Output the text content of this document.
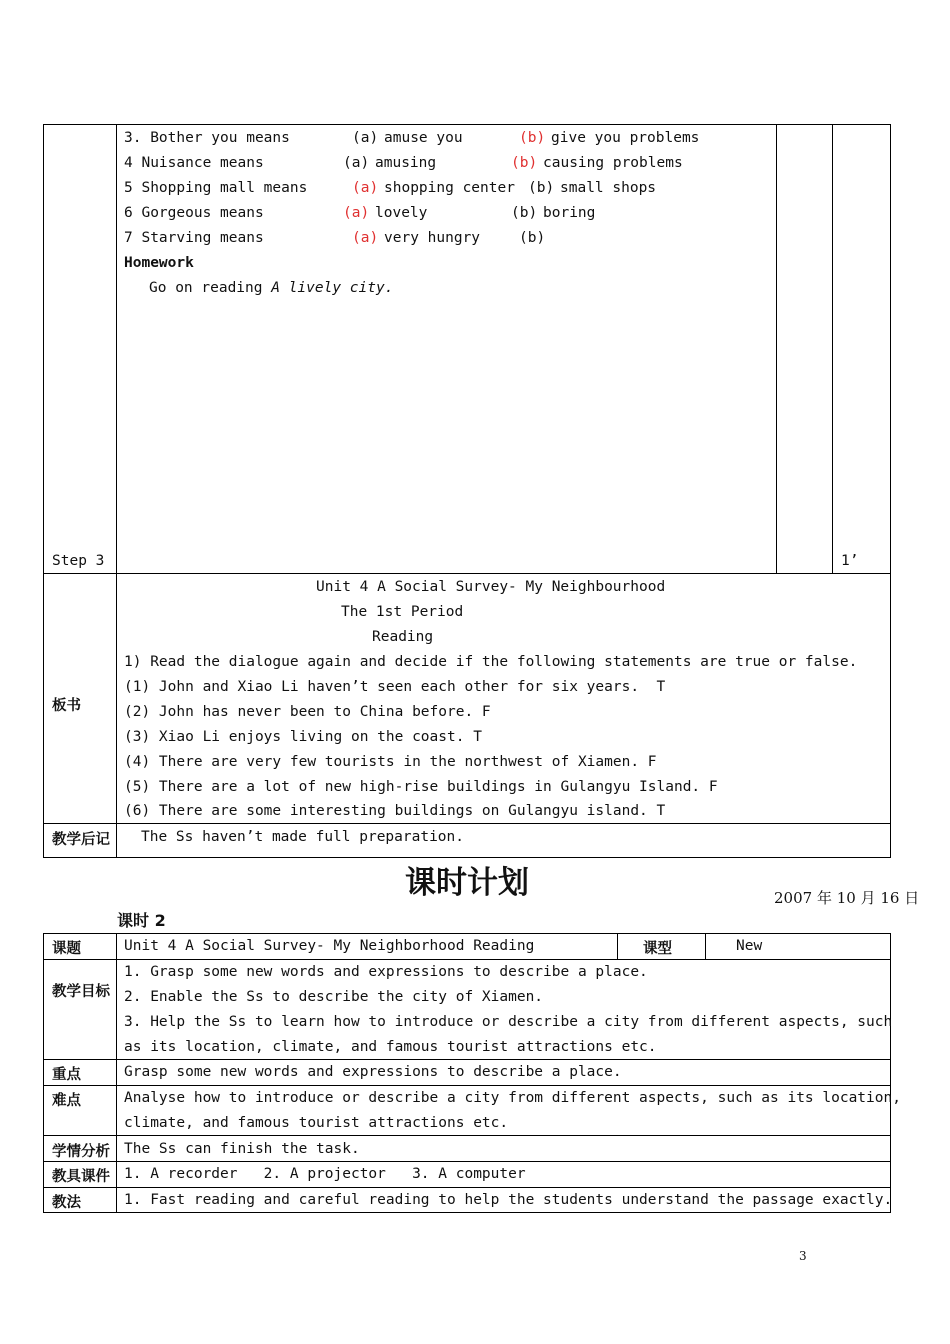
3. Bother you means	(a) amuse you	(b) give you problems
4 Nuisance means	(a) amusing	(b) causing problems
5 Shopping mall means	(a) shopping center (b) small shops
6 Gorgeous means	(a) lovely	(b) boring
7 Starving means	(a) very hungry	(b)
Homework
Go on reading A lively city.
Step 3	1’
板书
Unit 4 A Social Survey- My Neighbourhood
The 1st Period
Reading
1) Read the dialogue again and decide if the following statements are true or false.
(1) John and Xiao Li haven’t seen each other for six years.  T
(2) John has never been to China before. F
(3) Xiao Li enjoys living on the coast. T
(4) There are very few tourists in the northwest of Xiamen. F
(5) There are a lot of new high-rise buildings in Gulangyu Island. F
(6) There are some interesting buildings on Gulangyu island. T
教学后记 The Ss haven’t made full preparation.
课时计划	2007 年 10 月 16 日
课时 2
课题	Unit 4 A Social Survey- My Neighborhood Reading	课型	New
教学目标
1. Grasp some new words and expressions to describe a place.
2. Enable the Ss to describe the city of Xiamen.
3. Help the Ss to learn how to introduce or describe a city from different aspects, such
as its location, climate, and famous tourist attractions etc.
重点	Grasp some new words and expressions to describe a place.
难点	Analyse how to introduce or describe a city from different aspects, such as its location,
climate, and famous tourist attractions etc.
学情分析 The Ss can finish the task.
教具课件 1. A recorder   2. A projector   3. A computer
教法	1. Fast reading and careful reading to help the students understand the passage exactly.
3
